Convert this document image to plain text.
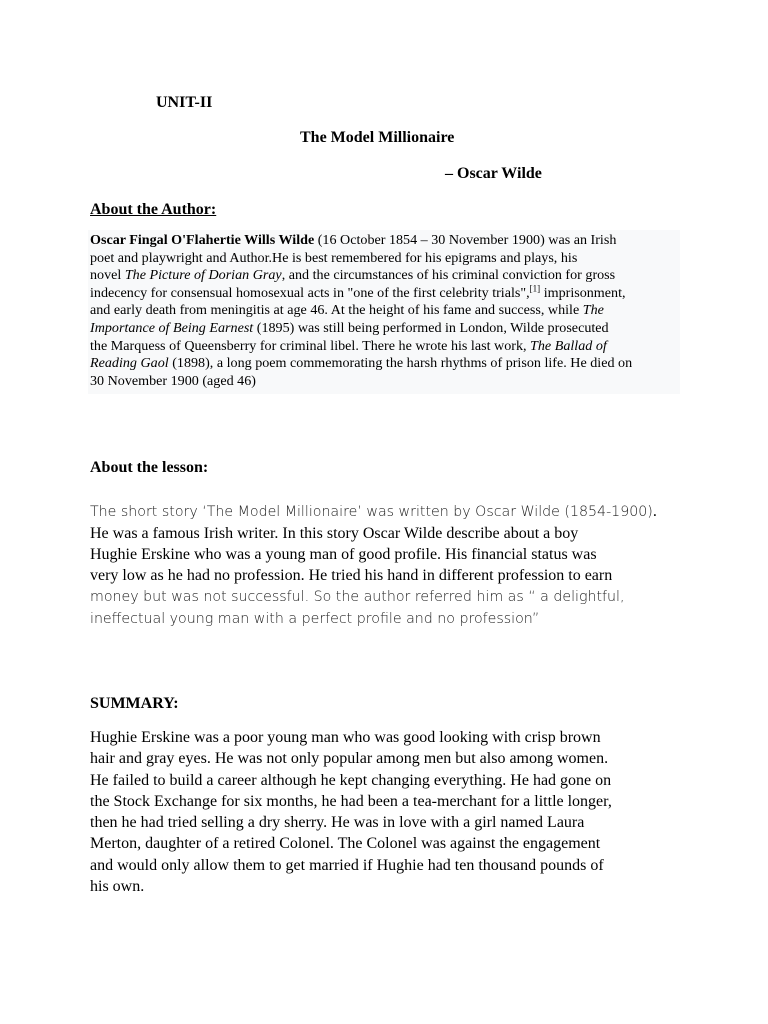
UNIT-II
The Model Millionaire
– Oscar Wilde
About the Author:
Oscar Fingal O'Flahertie Wills Wilde (16 October 1854 – 30 November 1900) was an Irish
poet and playwright and Author.He is best remembered for his epigrams and plays, his
novel The Picture of Dorian Gray, and the circumstances of his criminal conviction for gross
indecency for consensual homosexual acts in "one of the first celebrity trials",[1] imprisonment,
and early death from meningitis at age 46. At the height of his fame and success, while The
Importance of Being Earnest (1895) was still being performed in London, Wilde prosecuted
the Marquess of Queensberry for criminal libel. There he wrote his last work, The Ballad of
Reading Gaol (1898), a long poem commemorating the harsh rhythms of prison life. He died on
30 November 1900 (aged 46)
About the lesson:
The short story ‘The Model Millionaire’ was written by Oscar Wilde (1854-1900).
He was a famous Irish writer. In this story Oscar Wilde describe about a boy
Hughie Erskine who was a young man of good profile. His financial status was
very low as he had no profession. He tried his hand in different profession to earn
money but was not successful. So the author referred him as “ a delightful,
ineffectual young man with a perfect profile and no profession”
SUMMARY:
Hughie Erskine was a poor young man who was good looking with crisp brown
hair and gray eyes. He was not only popular among men but also among women.
He failed to build a career although he kept changing everything. He had gone on
the Stock Exchange for six months, he had been a tea-merchant for a little longer,
then he had tried selling a dry sherry. He was in love with a girl named Laura
Merton, daughter of a retired Colonel. The Colonel was against the engagement
and would only allow them to get married if Hughie had ten thousand pounds of
his own.
